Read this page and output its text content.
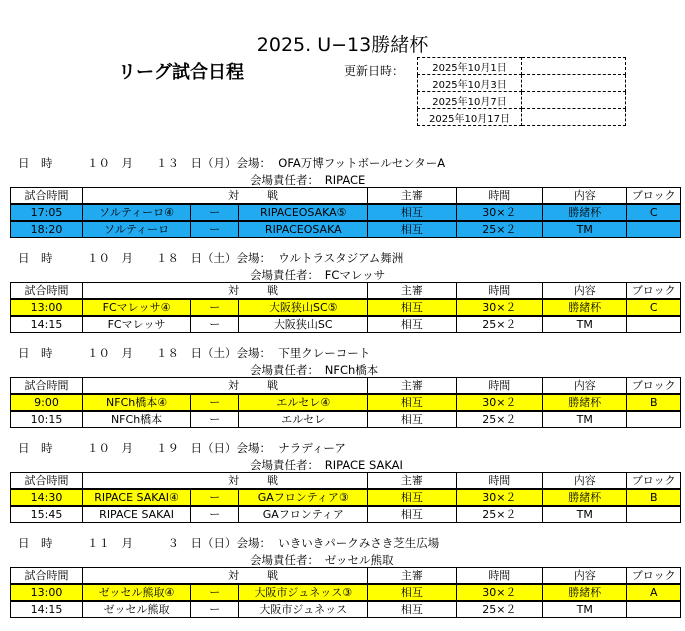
2025. U−13勝緒杯
リーグ試合日程	更新日時：	2025年10月1日	
2025年10月3日	
2025年10月7日	
2025年10月17日	
日　時　　　１０　月　　１３　日（月）会場：  OFA万博フットボールセンターA
会場責任者：　RIPACE
試合時間	対		戦	主審	時間	内容	ブロック
17:05	ソルティーロ④	ー	RIPACEOSAKA⑤	相互	30×２	勝緒杯	C
18:20	ソルティーロ	ー	RIPACEOSAKA	相互	25×２	TM	
日　時　　　１０　月　　１８　日（土）会場：  ウルトラスタジアム舞洲
会場責任者：　FCマレッサ
試合時間	対		戦	主審	時間	内容	ブロック
13:00	FCマレッサ④	ー	大阪狭山SC⑤	相互	30×２	勝緒杯	C
14:15	FCマレッサ	ー	大阪狭山SC	相互	25×２	TM	
日　時　　　１０　月　　１８　日（土）会場：  下里クレーコート
会場責任者：　NFCh橋本
試合時間	対		戦	主審	時間	内容	ブロック
9:00	NFCh橋本④	ー	エルセレ④	相互	30×２	勝緒杯	B
10:15	NFCh橋本	ー	エルセレ	相互	25×２	TM	
日　時　　　１０　月　　１９　日（日）会場：  ナラディーア
会場責任者：　RIPACE SAKAI
試合時間	対		戦	主審	時間	内容	ブロック
14:30	RIPACE SAKAI④	ー	GAフロンティア③	相互	30×２	勝緒杯	B
15:45	RIPACE SAKAI	ー	GAフロンティア	相互	25×２	TM	
日　時　　　１１　月　　　３　日（日）会場：  いきいきパークみさき芝生広場
会場責任者：　ゼッセル熊取
試合時間	対		戦	主審	時間	内容	ブロック
13:00	ゼッセル熊取④	ー	大阪市ジュネッス③	相互	30×２	勝緒杯	A
14:15	ゼッセル熊取	ー	大阪市ジュネッス	相互	25×２	TM	
